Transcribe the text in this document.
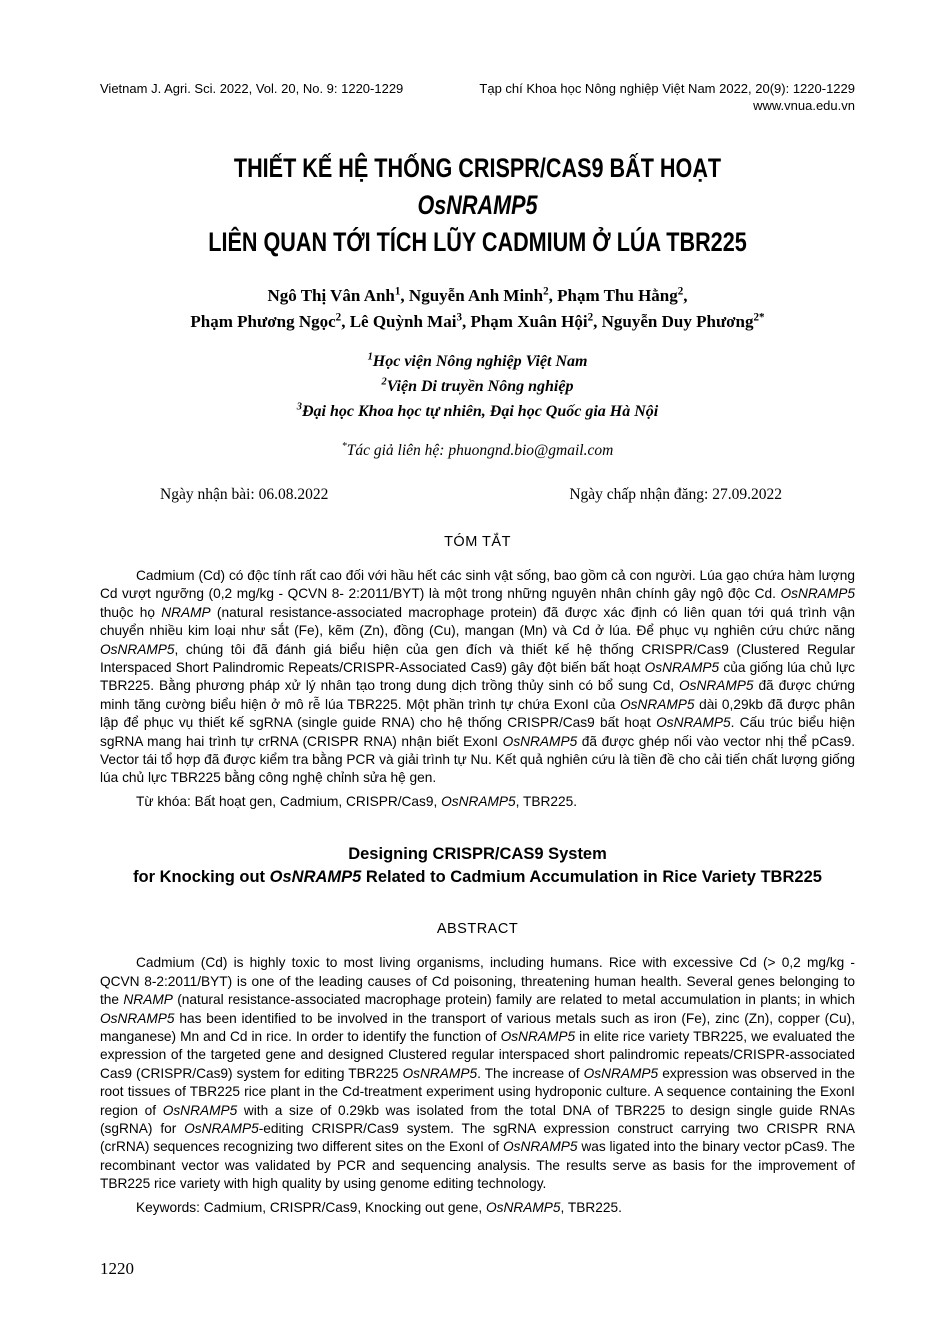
Vietnam J. Agri. Sci. 2022, Vol. 20, No. 9: 1220-1229	Tạp chí Khoa học Nông nghiệp Việt Nam 2022, 20(9): 1220-1229
www.vnua.edu.vn
THIẾT KẾ HỆ THỐNG CRISPR/CAS9 BẤT HOẠT OsNRAMP5
LIÊN QUAN TỚI TÍCH LŨY CADMIUM Ở LÚA TBR225
Ngô Thị Vân Anh$^1$, Nguyễn Anh Minh$^2$, Phạm Thu Hằng$^2$,
Phạm Phương Ngọc$^2$, Lê Quỳnh Mai$^3$, Phạm Xuân Hội$^2$, Nguyễn Duy Phương$^{2*}$
$^1$Học viện Nông nghiệp Việt Nam
$^2$Viện Di truyền Nông nghiệp
$^3$Đại học Khoa học tự nhiên, Đại học Quốc gia Hà Nội
*Tác giả liên hệ: phuongnd.bio@gmail.com
Ngày nhận bài: 06.08.2022	Ngày chấp nhận đăng: 27.09.2022
TÓM TẮT

Cadmium (Cd) có độc tính rất cao đối với hầu hết các sinh vật sống, bao gồm cả con người. Lúa gạo chứa hàm lượng Cd vượt ngưỡng (0,2 mg/kg - QCVN 8- 2:2011/BYT) là một trong những nguyên nhân chính gây ngộ độc Cd. OsNRAMP5 thuộc họ NRAMP (natural resistance-associated macrophage protein) đã được xác định có liên quan tới quá trình vận chuyển nhiều kim loại như sắt (Fe), kẽm (Zn), đồng (Cu), mangan (Mn) và Cd ở lúa. Để phục vụ nghiên cứu chức năng OsNRAMP5, chúng tôi đã đánh giá biểu hiện của gen đích và thiết kế hệ thống CRISPR/Cas9 (Clustered Regular Interspaced Short Palindromic Repeats/CRISPR-Associated Cas9) gây đột biến bất hoạt OsNRAMP5 của giống lúa chủ lực TBR225. Bằng phương pháp xử lý nhân tạo trong dung dịch trồng thủy sinh có bổ sung Cd, OsNRAMP5 đã được chứng minh tăng cường biểu hiện ở mô rễ lúa TBR225. Một phần trình tự chứa ExonI của OsNRAMP5 dài 0,29kb đã được phân lập để phục vụ thiết kế sgRNA (single guide RNA) cho hệ thống CRISPR/Cas9 bất hoạt OsNRAMP5. Cấu trúc biểu hiện sgRNA mang hai trình tự crRNA (CRISPR RNA) nhận biết ExonI OsNRAMP5 đã được ghép nối vào vector nhị thể pCas9. Vector tái tổ hợp đã được kiểm tra bằng PCR và giải trình tự Nu. Kết quả nghiên cứu là tiền đề cho cải tiến chất lượng giống lúa chủ lực TBR225 bằng công nghệ chỉnh sửa hệ gen.

Từ khóa: Bất hoạt gen, Cadmium, CRISPR/Cas9, OsNRAMP5, TBR225.

Designing CRISPR/CAS9 System
for Knocking out OsNRAMP5 Related to Cadmium Accumulation in Rice Variety TBR225
ABSTRACT

Cadmium (Cd) is highly toxic to most living organisms, including humans. Rice with excessive Cd (> 0,2 mg/kg - QCVN 8-2:2011/BYT) is one of the leading causes of Cd poisoning, threatening human health. Several genes belonging to the NRAMP (natural resistance-associated macrophage protein) family are related to metal accumulation in plants; in which OsNRAMP5 has been identified to be involved in the transport of various metals such as iron (Fe), zinc (Zn), copper (Cu), manganese) Mn and Cd in rice. In order to identify the function of OsNRAMP5 in elite rice variety TBR225, we evaluated the expression of the targeted gene and designed Clustered regular interspaced short palindromic repeats/CRISPR-associated Cas9 (CRISPR/Cas9) system for editing TBR225 OsNRAMP5. The increase of OsNRAMP5 expression was observed in the root tissues of TBR225 rice plant in the Cd-treatment experiment using hydroponic culture. A sequence containing the ExonI region of OsNRAMP5 with a size of 0.29kb was isolated from the total DNA of TBR225 to design single guide RNAs (sgRNA) for OsNRAMP5-editing CRISPR/Cas9 system. The sgRNA expression construct carrying two CRISPR RNA (crRNA) sequences recognizing two different sites on the ExonI of OsNRAMP5 was ligated into the binary vector pCas9. The recombinant vector was validated by PCR and sequencing analysis. The results serve as basis for the improvement of TBR225 rice variety with high quality by using genome editing technology.

Keywords: Cadmium, CRISPR/Cas9, Knocking out gene, OsNRAMP5, TBR225.

1220
